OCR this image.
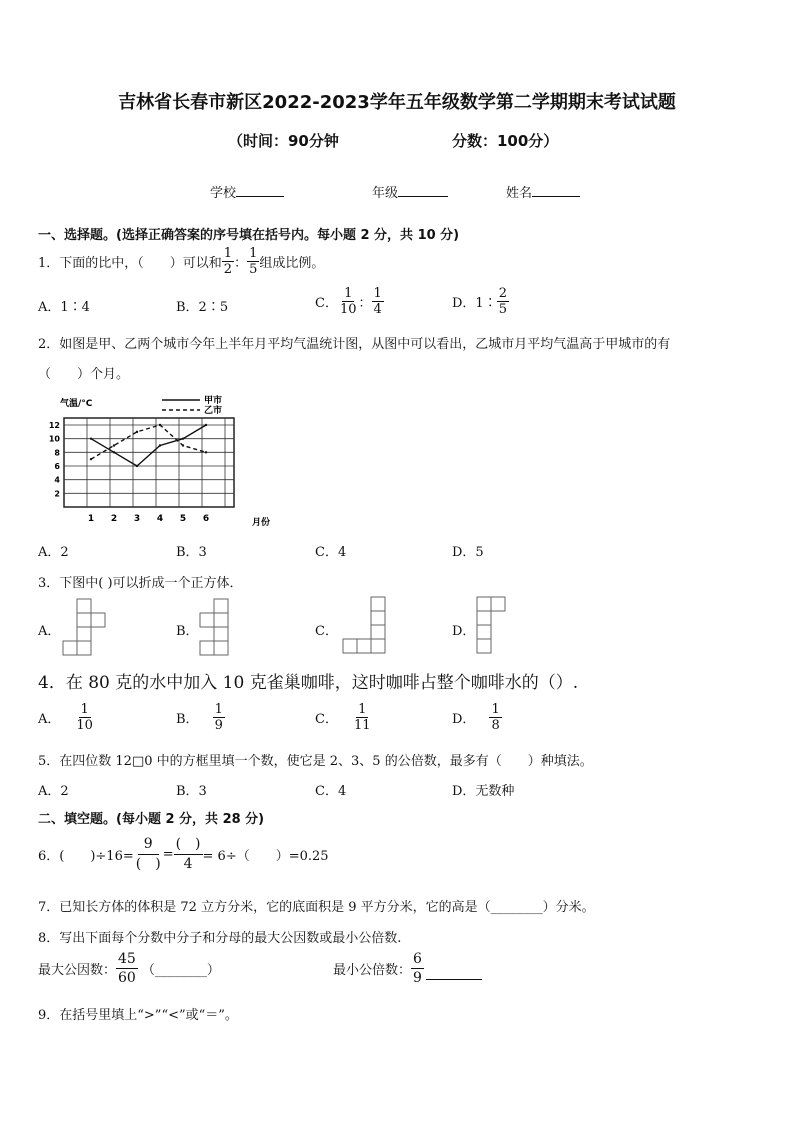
吉林省长春市新区2022-2023学年五年级数学第二学期期末考试试题
（时间：90分钟	分数：100分）
学校	年级	姓名
一、选择题。(选择正确答案的序号填在括号内。每小题 2 分，共 10 分)
1．下面的比中，（　　）可以和 $\frac{1}{2}$ ： $\frac{1}{5}$ 组成比例。
A．1∶4	B．2∶5	C． $\frac{1}{10}$ ： $\frac{1}{4}$	D．1∶ $\frac{2}{5}$
2．如图是甲、乙两个城市今年上半年月平均气温统计图，从图中可以看出，乙城市月平均气温高于甲城市的有
（　　）个月。
2
4
6
8
10
12
1 2 3 4 5 6
气温/°C
月份
甲市
乙市
A．2	B．3	C．4	D．5
3．下图中( )可以折成一个正方体．
A．	B．	C．	D．
4．在 80 克的水中加入 10 克雀巢咖啡，这时咖啡占整个咖啡水的（）.
A． $\frac{1}{10}$	B． $\frac{1}{9}$	C． $\frac{1}{11}$	D． $\frac{1}{8}$
5．在四位数 12□0 中的方框里填一个数，使它是 2、3、5 的公倍数，最多有（　　）种填法。
A．2	B．3	C．4	D．无数种
二、填空题。(每小题 2 分，共 28 分)
6．(　　)$\div 16= \frac{9}{( )} = \frac{( )}{4} = 6\div$（　　）=0.25
7．已知长方体的体积是 72 立方分米，它的底面积是 9 平方分米，它的高是（________）分米。
8．写出下面每个分数中分子和分母的最大公因数或最小公倍数.
最大公因数： $\frac{45}{60}$ （________）	最小公倍数： $\frac{6}{9}$
9．在括号里填上“>”“<”或“＝”。
